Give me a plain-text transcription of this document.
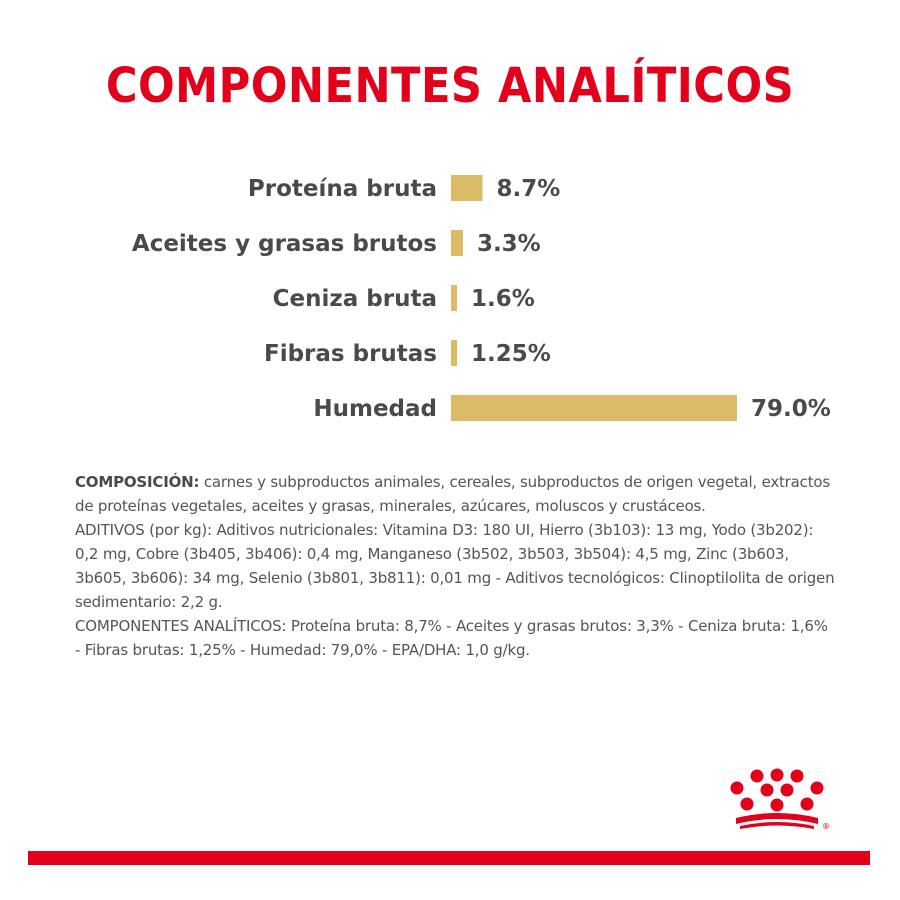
COMPONENTES ANALÍTICOS
Proteína bruta	8.7%
Aceites y grasas brutos 3.3%
Ceniza bruta 1.6%
Fibras brutas 1.25%
Humedad	79.0%

COMPOSICIÓN: carnes y subproductos animales, cereales, subproductos de origen vegetal, extractos de proteínas vegetales, aceites y grasas, minerales, azúcares, moluscos y crustáceos.

ADITIVOS (por kg): Aditivos nutricionales: Vitamina D3: 180 UI, Hierro (3b103): 13 mg, Yodo (3b202): 0,2 mg, Cobre (3b405, 3b406): 0,4 mg, Manganeso (3b502, 3b503, 3b504): 4,5 mg, Zinc (3b603, 3b605, 3b606): 34 mg, Selenio (3b801, 3b811): 0,01 mg - Aditivos tecnológicos: Clinoptilolita de origen sedimentario: 2,2 g.

COMPONENTES ANALÍTICOS: Proteína bruta: 8,7% - Aceites y grasas brutos: 3,3% - Ceniza bruta: 1,6% - Fibras brutas: 1,25% - Humedad: 79,0% - EPA/DHA: 1,0 g/kg.

®
